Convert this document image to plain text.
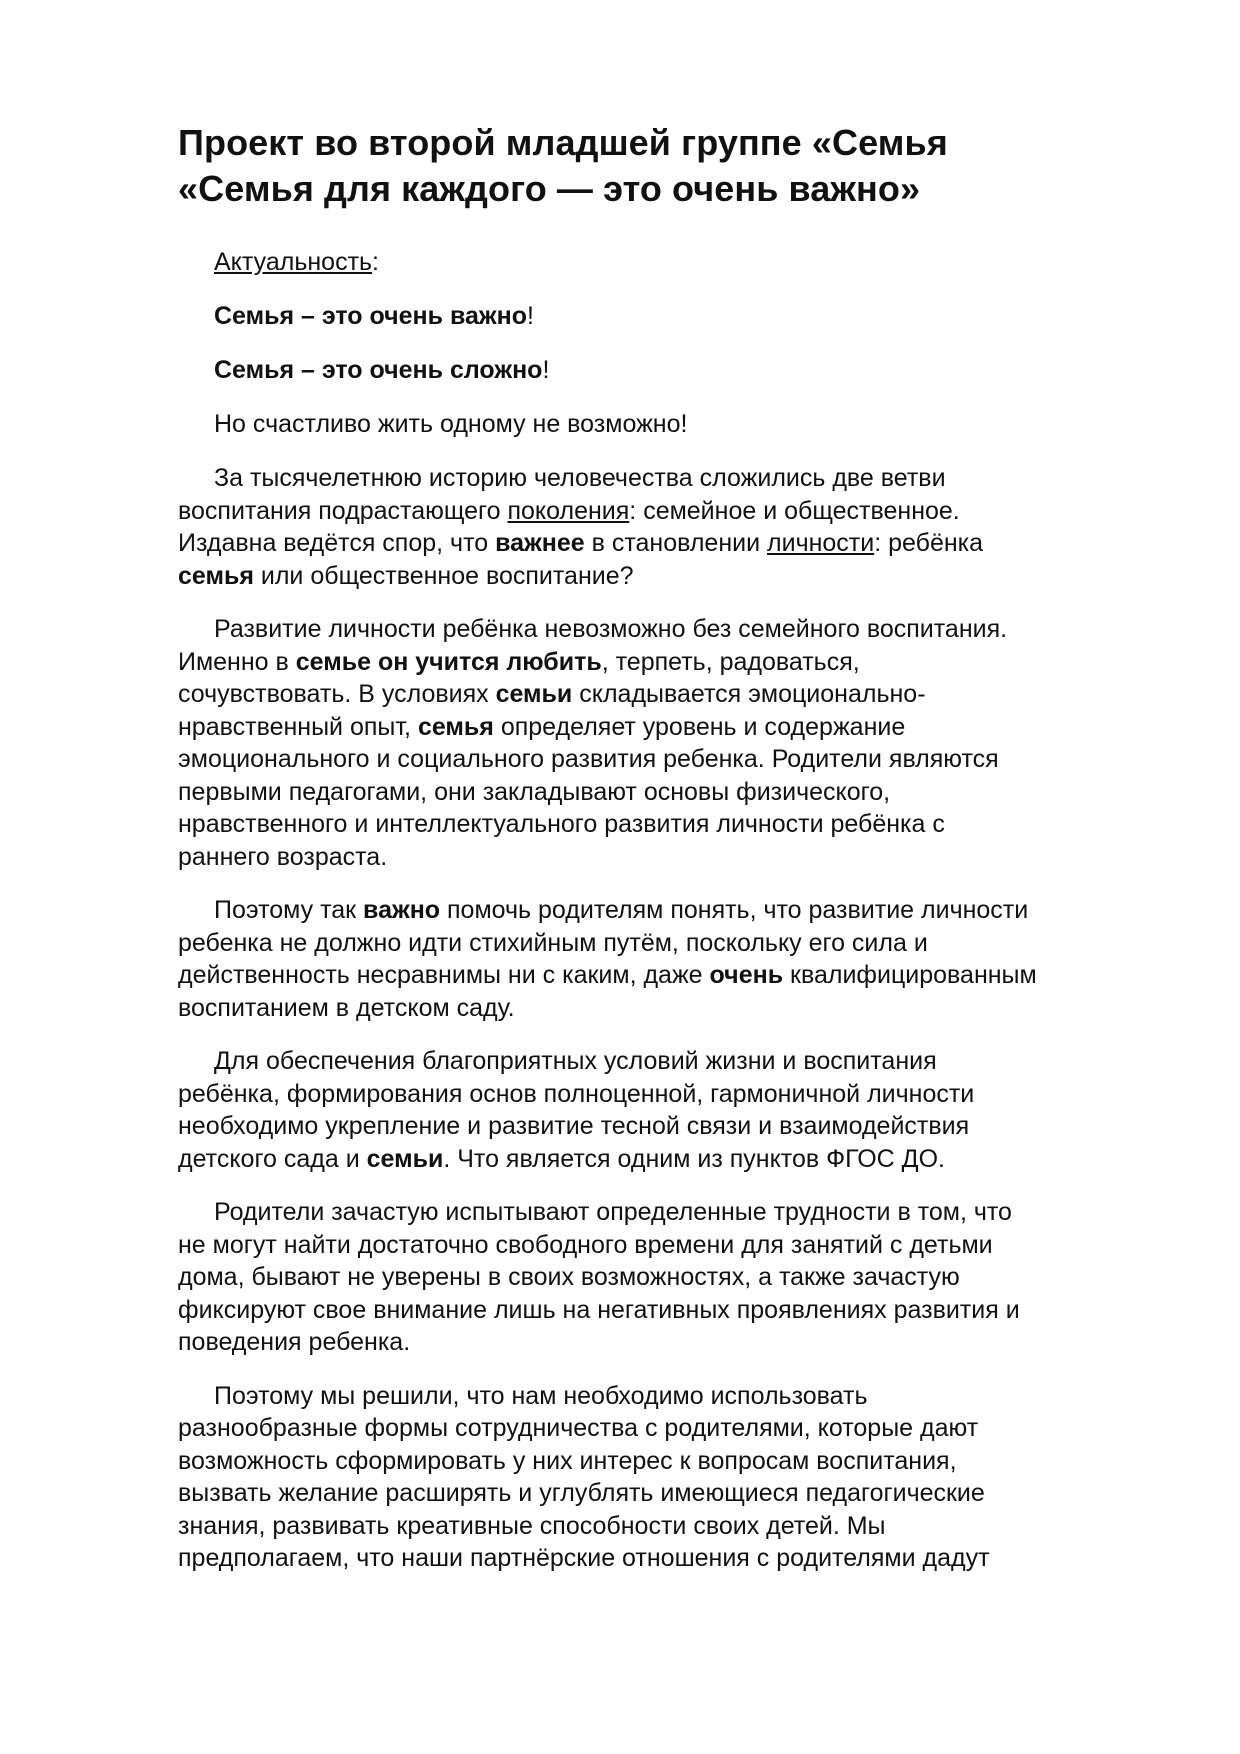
Проект во второй младшей группе «Семья
«Семья для каждого — это очень важно»

Актуальность:

Семья – это очень важно!

Семья – это очень сложно!

Но счастливо жить одному не возможно!

За тысячелетнюю историю человечества сложились две ветви
воспитания подрастающего поколения: семейное и общественное.
Издавна ведётся спор, что важнее в становлении личности: ребёнка
семья или общественное воспитание?

Развитие личности ребёнка невозможно без семейного воспитания.
Именно в семье он учится любить, терпеть, радоваться,
сочувствовать. В условиях семьи складывается эмоционально-
нравственный опыт, семья определяет уровень и содержание
эмоционального и социального развития ребенка. Родители являются
первыми педагогами, они закладывают основы физического,
нравственного и интеллектуального развития личности ребёнка с
раннего возраста.

Поэтому так важно помочь родителям понять, что развитие личности
ребенка не должно идти стихийным путём, поскольку его сила и
действенность несравнимы ни с каким, даже очень квалифицированным
воспитанием в детском саду.

Для обеспечения благоприятных условий жизни и воспитания
ребёнка, формирования основ полноценной, гармоничной личности
необходимо укрепление и развитие тесной связи и взаимодействия
детского сада и семьи. Что является одним из пунктов ФГОС ДО.

Родители зачастую испытывают определенные трудности в том, что
не могут найти достаточно свободного времени для занятий с детьми
дома, бывают не уверены в своих возможностях, а также зачастую
фиксируют свое внимание лишь на негативных проявлениях развития и
поведения ребенка.

Поэтому мы решили, что нам необходимо использовать
разнообразные формы сотрудничества с родителями, которые дают
возможность сформировать у них интерес к вопросам воспитания,
вызвать желание расширять и углублять имеющиеся педагогические
знания, развивать креативные способности своих детей. Мы
предполагаем, что наши партнёрские отношения с родителями дадут
